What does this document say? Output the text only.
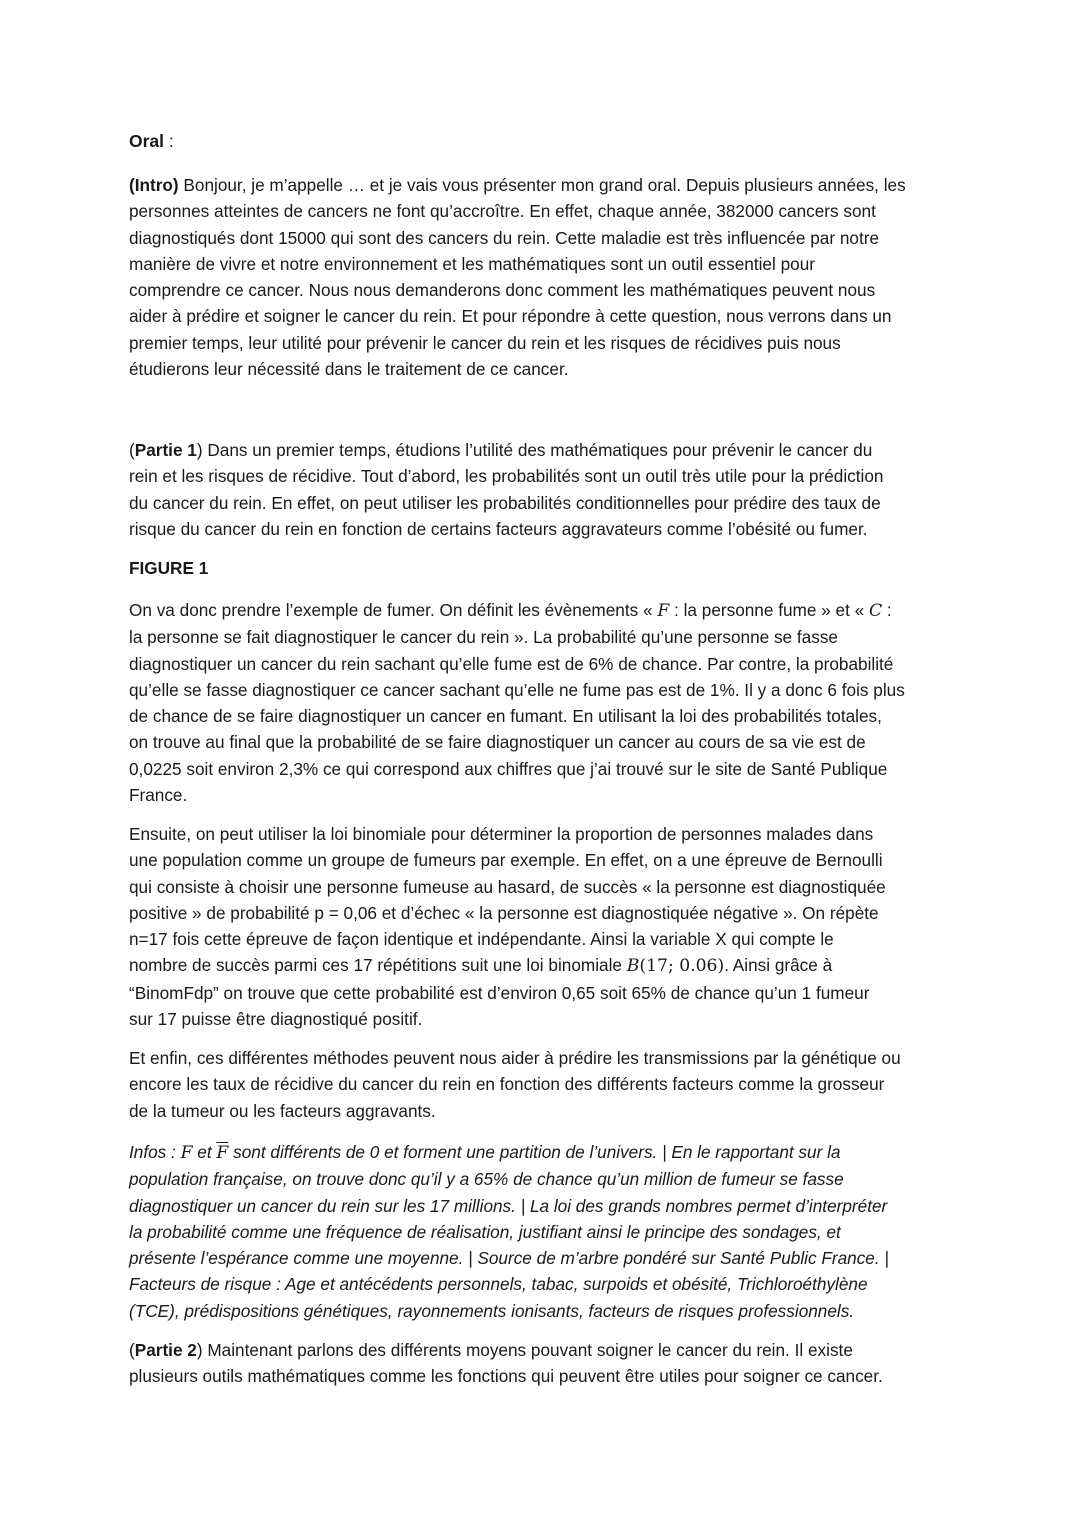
Oral :

(Intro) Bonjour, je m’appelle … et je vais vous présenter mon grand oral. Depuis plusieurs années, les
personnes atteintes de cancers ne font qu’accroître. En effet, chaque année, 382000 cancers sont
diagnostiqués dont 15000 qui sont des cancers du rein. Cette maladie est très influencée par notre
manière de vivre et notre environnement et les mathématiques sont un outil essentiel pour
comprendre ce cancer. Nous nous demanderons donc comment les mathématiques peuvent nous
aider à prédire et soigner le cancer du rein. Et pour répondre à cette question, nous verrons dans un
premier temps, leur utilité pour prévenir le cancer du rein et les risques de récidives puis nous
étudierons leur nécessité dans le traitement de ce cancer.

(Partie 1) Dans un premier temps, étudions l’utilité des mathématiques pour prévenir le cancer du
rein et les risques de récidive. Tout d’abord, les probabilités sont un outil très utile pour la prédiction
du cancer du rein. En effet, on peut utiliser les probabilités conditionnelles pour prédire des taux de
risque du cancer du rein en fonction de certains facteurs aggravateurs comme l’obésité ou fumer.

FIGURE 1

On va donc prendre l’exemple de fumer. On définit les évènements « F : la personne fume » et « C :
la personne se fait diagnostiquer le cancer du rein ». La probabilité qu’une personne se fasse
diagnostiquer un cancer du rein sachant qu’elle fume est de 6% de chance. Par contre, la probabilité
qu’elle se fasse diagnostiquer ce cancer sachant qu’elle ne fume pas est de 1%. Il y a donc 6 fois plus
de chance de se faire diagnostiquer un cancer en fumant. En utilisant la loi des probabilités totales,
on trouve au final que la probabilité de se faire diagnostiquer un cancer au cours de sa vie est de
0,0225 soit environ 2,3% ce qui correspond aux chiffres que j’ai trouvé sur le site de Santé Publique
France.

Ensuite, on peut utiliser la loi binomiale pour déterminer la proportion de personnes malades dans
une population comme un groupe de fumeurs par exemple. En effet, on a une épreuve de Bernoulli
qui consiste à choisir une personne fumeuse au hasard, de succès « la personne est diagnostiquée
positive » de probabilité p = 0,06 et d’échec « la personne est diagnostiquée négative ». On répète
n=17 fois cette épreuve de façon identique et indépendante. Ainsi la variable X qui compte le
nombre de succès parmi ces 17 répétitions suit une loi binomiale B(17; 0.06). Ainsi grâce à
“BinomFdp” on trouve que cette probabilité est d’environ 0,65 soit 65% de chance qu’un 1 fumeur
sur 17 puisse être diagnostiqué positif.

Et enfin, ces différentes méthodes peuvent nous aider à prédire les transmissions par la génétique ou
encore les taux de récidive du cancer du rein en fonction des différents facteurs comme la grosseur
de la tumeur ou les facteurs aggravants.

Infos : F et $\overline{F}$ sont différents de 0 et forment une partition de l’univers. | En le rapportant sur la
population française, on trouve donc qu’il y a 65% de chance qu’un million de fumeur se fasse
diagnostiquer un cancer du rein sur les 17 millions. | La loi des grands nombres permet d’interpréter
la probabilité comme une fréquence de réalisation, justifiant ainsi le principe des sondages, et
présente l’espérance comme une moyenne. | Source de m’arbre pondéré sur Santé Public France. |
Facteurs de risque : Age et antécédents personnels, tabac, surpoids et obésité, Trichloroéthylène
(TCE), prédispositions génétiques, rayonnements ionisants, facteurs de risques professionnels.

(Partie 2) Maintenant parlons des différents moyens pouvant soigner le cancer du rein. Il existe
plusieurs outils mathématiques comme les fonctions qui peuvent être utiles pour soigner ce cancer.
